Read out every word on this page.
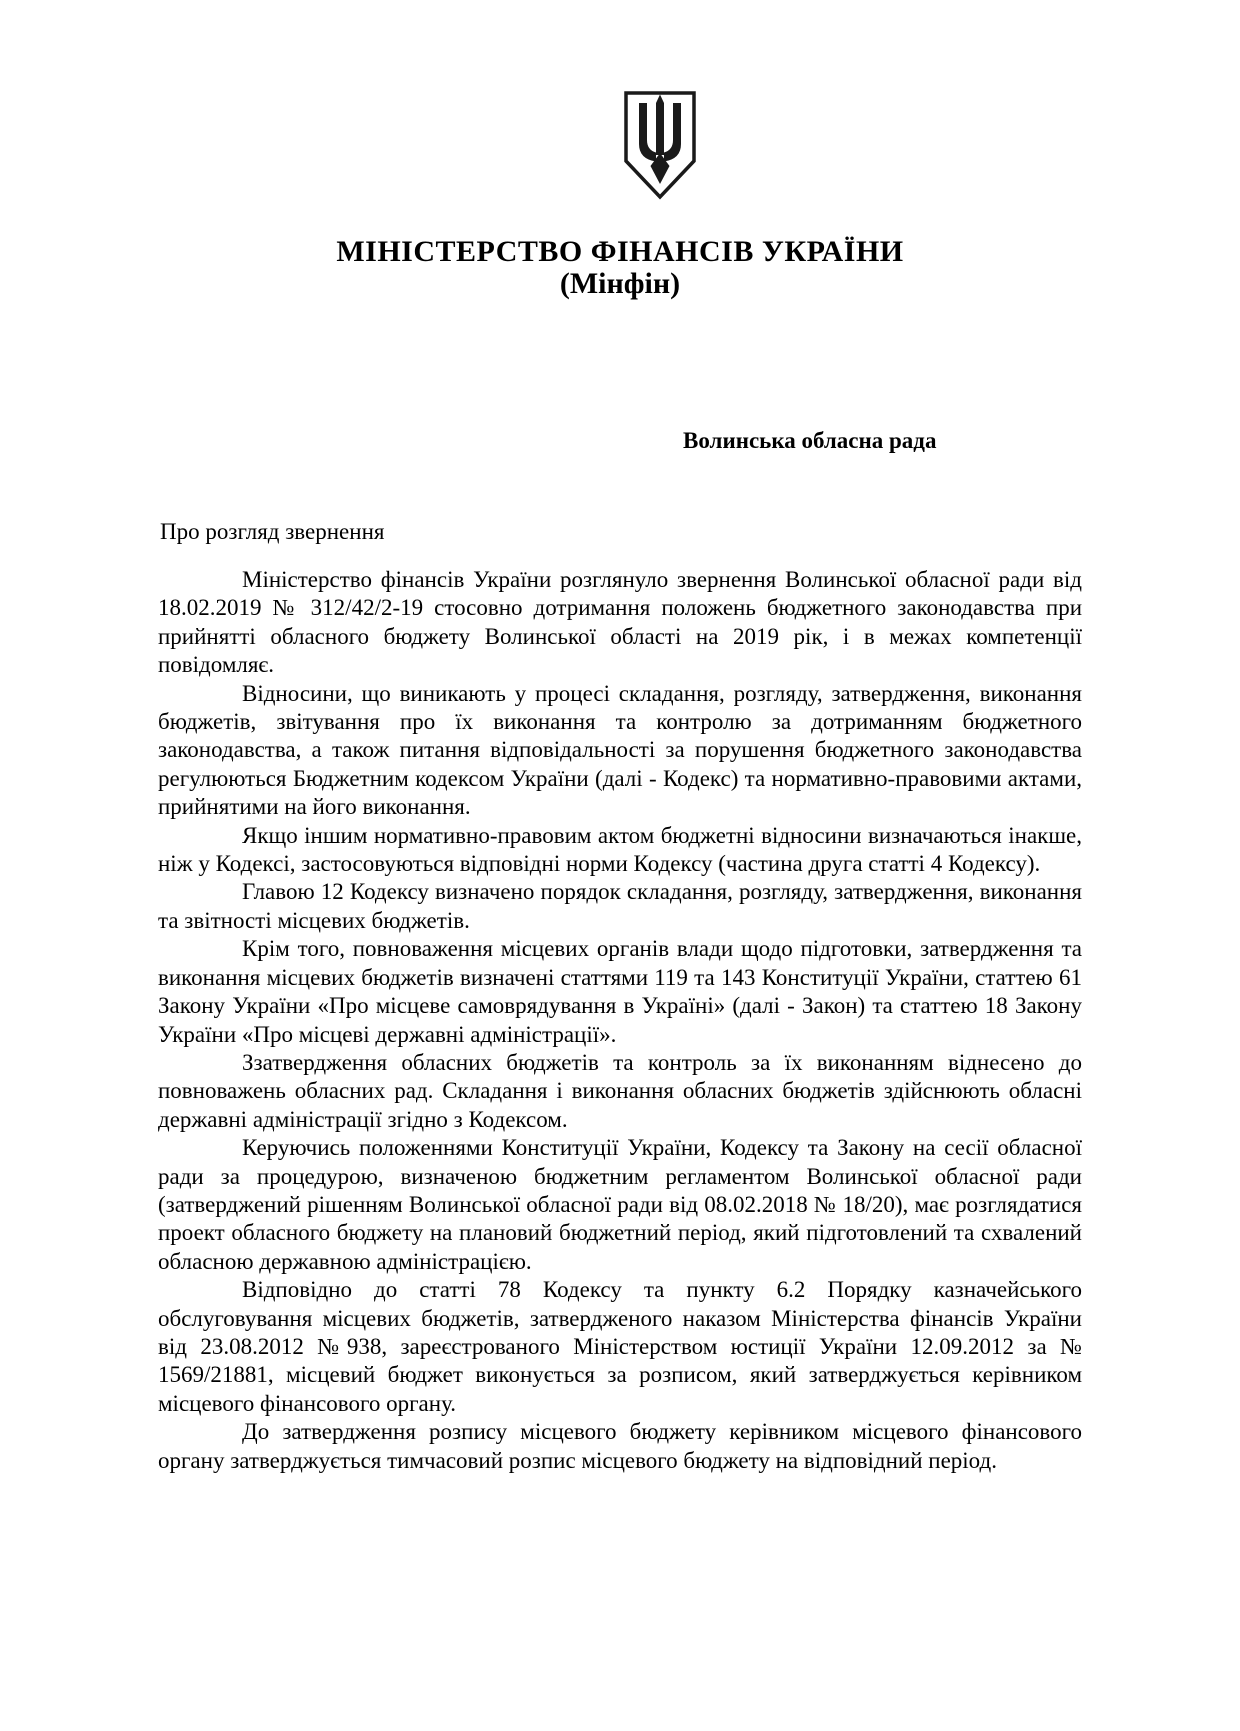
МІНІСТЕРСТВО ФІНАНСІВ УКРАЇНИ
(Мінфін)
Волинська обласна рада
Про розгляд звернення

Міністерство фінансів України розглянуло звернення Волинської обласної ради від 18.02.2019 № 312/42/2-19 стосовно дотримання положень бюджетного законодавства при прийнятті обласного бюджету Волинської області на 2019 рік, і в межах компетенції повідомляє.

Відносини, що виникають у процесі складання, розгляду, затвердження, виконання бюджетів, звітування про їх виконання та контролю за дотриманням бюджетного законодавства, а також питання відповідальності за порушення бюджетного законодавства регулюються Бюджетним кодексом України (далі - Кодекс) та нормативно-правовими актами, прийнятими на його виконання.

Якщо іншим нормативно-правовим актом бюджетні відносини визначаються інакше, ніж у Кодексі, застосовуються відповідні норми Кодексу (частина друга статті 4 Кодексу).

Главою 12 Кодексу визначено порядок складання, розгляду, затвердження, виконання та звітності місцевих бюджетів.

Крім того, повноваження місцевих органів влади щодо підготовки, затвердження та виконання місцевих бюджетів визначені статтями 119 та 143 Конституції України, статтею 61 Закону України «Про місцеве самоврядування в Україні» (далі - Закон) та статтею 18 Закону України «Про місцеві державні адміністрації».

Ззатвердження обласних бюджетів та контроль за їх виконанням віднесено до повноважень обласних рад. Складання і виконання обласних бюджетів здійснюють обласні державні адміністрації згідно з Кодексом.

Керуючись положеннями Конституції України, Кодексу та Закону на сесії обласної ради за процедурою, визначеною бюджетним регламентом Волинської обласної ради (затверджений рішенням Волинської обласної ради від 08.02.2018 № 18/20), має розглядатися проект обласного бюджету на плановий бюджетний період, який підготовлений та схвалений обласною державною адміністрацією.

Відповідно до статті 78 Кодексу та пункту 6.2 Порядку казначейського обслуговування місцевих бюджетів, затвердженого наказом Міністерства фінансів України від 23.08.2012 №938, зареєстрованого Міністерством юстиції України 12.09.2012 за № 1569/21881, місцевий бюджет виконується за розписом, який затверджується керівником місцевого фінансового органу.

До затвердження розпису місцевого бюджету керівником місцевого фінансового органу затверджується тимчасовий розпис місцевого бюджету на відповідний період.
